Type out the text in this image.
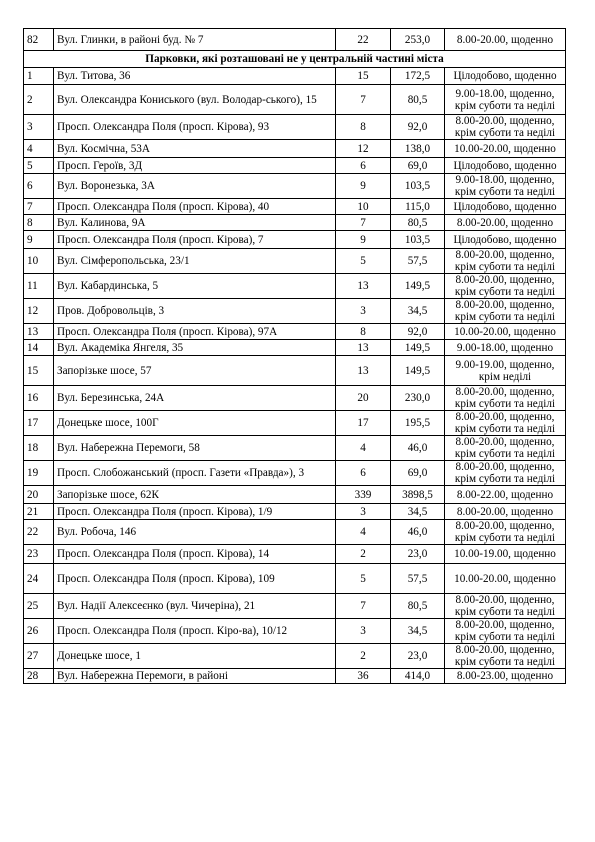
82	Вул. Глинки, в районі буд. № 7	22	253,0	8.00-20.00, щоденно
Парковки, які розташовані не у центральній частині міста				
1	Вул. Титова, 36	15	172,5	Цілодобово, щоденно
2	Вул. Олександра Кониського (вул. Володар-ського), 15	7	80,5	9.00-18.00, щоденно, крім суботи та неділі
3	Просп. Олександра Поля (просп. Кірова), 93	8	92,0	8.00-20.00, щоденно, крім суботи та неділі
4	Вул. Космічна, 53А	12	138,0	10.00-20.00, щоденно
5	Просп. Героїв, 3Д	6	69,0	Цілодобово, щоденно
6	Вул. Воронезька, 3А	9	103,5	9.00-18.00, щоденно, крім суботи та неділі
7	Просп. Олександра Поля (просп. Кірова), 40	10	115,0	Цілодобово, щоденно
8	Вул. Калинова, 9А	7	80,5	8.00-20.00, щоденно
9	Просп. Олександра Поля (просп. Кірова), 7	9	103,5	Цілодобово, щоденно
10	Вул. Сімферопольська, 23/1	5	57,5	8.00-20.00, щоденно, крім суботи та неділі
11	Вул. Кабардинська, 5	13	149,5	8.00-20.00, щоденно, крім суботи та неділі
12	Пров. Добровольців, 3	3	34,5	8.00-20.00, щоденно, крім суботи та неділі
13	Просп. Олександра Поля (просп. Кірова), 97А	8	92,0	10.00-20.00, щоденно
14	Вул. Академіка Янгеля, 35	13	149,5	9.00-18.00, щоденно
15	Запорізьке шосе, 57	13	149,5	9.00-19.00, щоденно, крім неділі
16	Вул. Березинська, 24А	20	230,0	8.00-20.00, щоденно, крім суботи та неділі
17	Донецьке шосе, 100Г	17	195,5	8.00-20.00, щоденно, крім суботи та неділі
18	Вул. Набережна Перемоги, 58	4	46,0	8.00-20.00, щоденно, крім суботи та неділі
19	Просп. Слобожанський (просп. Газети «Правда»), 3	6	69,0	8.00-20.00, щоденно, крім суботи та неділі
20	Запорізьке шосе, 62К	339	3898,5	8.00-22.00, щоденно
21	Просп. Олександра Поля (просп. Кірова), 1/9	3	34,5	8.00-20.00, щоденно
22	Вул. Робоча, 146	4	46,0	8.00-20.00, щоденно, крім суботи та неділі
23	Просп. Олександра Поля (просп. Кірова), 14	2	23,0	10.00-19.00, щоденно
24	Просп. Олександра Поля (просп. Кірова), 109	5	57,5	10.00-20.00, щоденно
25	Вул. Надії Алексеєнко (вул. Чичеріна), 21	7	80,5	8.00-20.00, щоденно, крім суботи та неділі
26	Просп. Олександра Поля (просп. Кіро-ва), 10/12	3	34,5	8.00-20.00, щоденно, крім суботи та неділі
27	Донецьке шосе, 1	2	23,0	8.00-20.00, щоденно, крім суботи та неділі
28	Вул. Набережна Перемоги, в районі	36	414,0	8.00-23.00, щоденно
